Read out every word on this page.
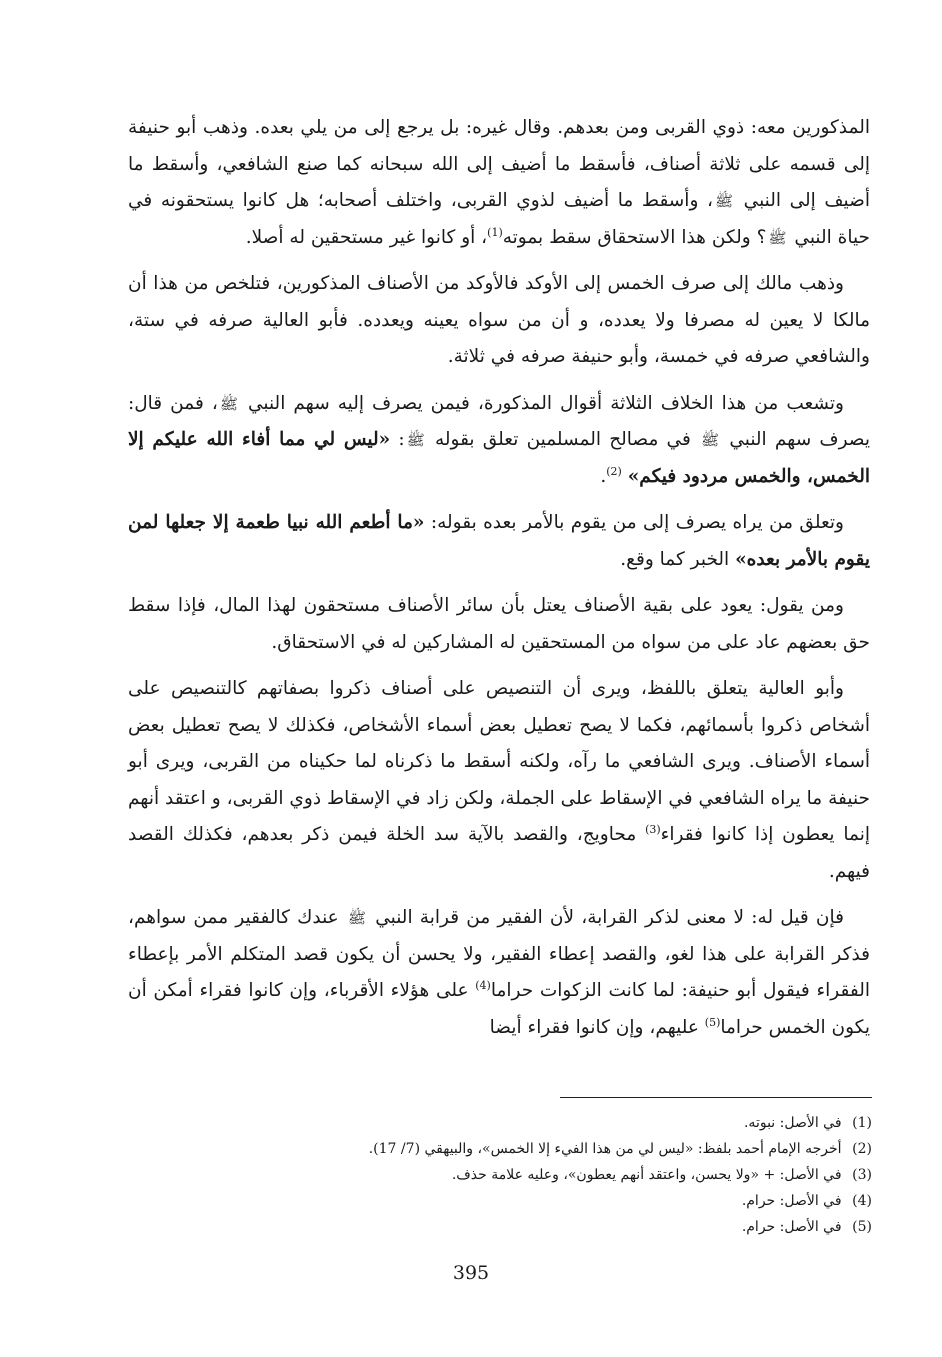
المذكورين معه: ذوي القربى ومن بعدهم. وقال غيره: بل يرجع إلى من يلي بعده. وذهب أبو حنيفة إلى قسمه على ثلاثة أصناف، فأسقط ما أضيف إلى الله سبحانه كما صنع الشافعي، وأسقط ما أضيف إلى النبي ﷺ، وأسقط ما أضيف لذوي القربى، واختلف أصحابه؛ هل كانوا يستحقونه في حياة النبي ﷺ؟ ولكن هذا الاستحقاق سقط بموته$^{(1)}$، أو كانوا غير مستحقين له أصلا.

وذهب مالك إلى صرف الخمس إلى الأوكد فالأوكد من الأصناف المذكورين، فتلخص من هذا أن مالكا لا يعين له مصرفا ولا يعدده، و أن من سواه يعينه ويعدده. فأبو العالية صرفه في ستة، والشافعي صرفه في خمسة، وأبو حنيفة صرفه في ثلاثة.

وتشعب من هذا الخلاف الثلاثة أقوال المذكورة، فيمن يصرف إليه سهم النبي ﷺ، فمن قال: يصرف سهم النبي ﷺ في مصالح المسلمين تعلق بقوله ﷺ: «ليس لي مما أفاء الله عليكم إلا الخمس، والخمس مردود فيكم» $^{(2)}$.

وتعلق من يراه يصرف إلى من يقوم بالأمر بعده بقوله: «ما أطعم الله نبيا طعمة إلا جعلها لمن يقوم بالأمر بعده» الخبر كما وقع.

ومن يقول: يعود على بقية الأصناف يعتل بأن سائر الأصناف مستحقون لهذا المال، فإذا سقط حق بعضهم عاد على من سواه من المستحقين له المشاركين له في الاستحقاق.

وأبو العالية يتعلق باللفظ، ويرى أن التنصيص على أصناف ذكروا بصفاتهم كالتنصيص على أشخاص ذكروا بأسمائهم، فكما لا يصح تعطيل بعض أسماء الأشخاص، فكذلك لا يصح تعطيل بعض أسماء الأصناف. ويرى الشافعي ما رآه، ولكنه أسقط ما ذكرناه لما حكيناه من القربى، ويرى أبو حنيفة ما يراه الشافعي في الإسقاط على الجملة، ولكن زاد في الإسقاط ذوي القربى، و اعتقد أنهم إنما يعطون إذا كانوا فقراء$^{(3)}$ محاويج، والقصد بالآية سد الخلة فيمن ذكر بعدهم، فكذلك القصد فيهم.

فإن قيل له: لا معنى لذكر القرابة، لأن الفقير من قرابة النبي ﷺ عندك كالفقير ممن سواهم، فذكر القرابة على هذا لغو، والقصد إعطاء الفقير، ولا يحسن أن يكون قصد المتكلم الأمر بإعطاء الفقراء فيقول أبو حنيفة: لما كانت الزكوات حراما$^{(4)}$ على هؤلاء الأقرباء، وإن كانوا فقراء أمكن أن يكون الخمس حراما$^{(5)}$ عليهم، وإن كانوا فقراء أيضا

(1) في الأصل: نبوته.
(2) أخرجه الإمام أحمد بلفظ: «ليس لي من هذا الفيء إلا الخمس»، والبيهقي (7/ 17).
(3) في الأصل: + «ولا يحسن، واعتقد أنهم يعطون»، وعليه علامة حذف.
(4) في الأصل: حرام.
(5) في الأصل: حرام.
395
